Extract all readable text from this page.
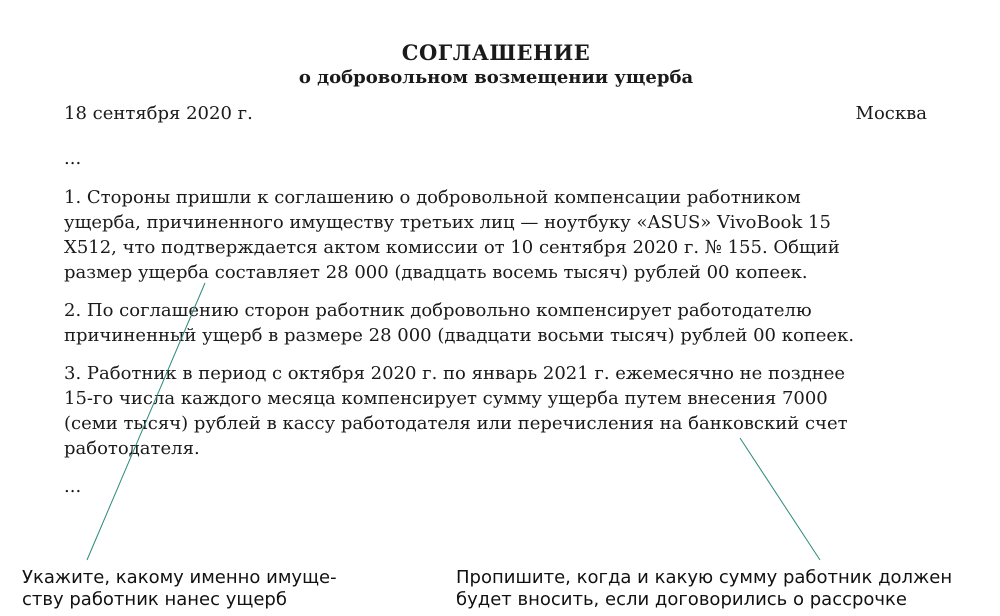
СОГЛАШЕНИЕ
о добровольном возмещении ущерба
18 сентября 2020 г.	Москва
...

1. Стороны пришли к соглашению о добровольной компенсации работником
ущерба, причиненного имуществу третьих лиц — ноутбуку «ASUS» VivoBook 15
X512, что подтверждается актом комиссии от 10 сентября 2020 г. № 155. Общий
размер ущерба составляет 28 000 (двадцать восемь тысяч) рублей 00 копеек.

2. По соглашению сторон работник добровольно компенсирует работодателю
причиненный ущерб в размере 28 000 (двадцати восьми тысяч) рублей 00 копеек.

3. Работник в период с октября 2020 г. по январь 2021 г. ежемесячно не позднее
15-го числа каждого месяца компенсирует сумму ущерба путем внесения 7000
(семи тысяч) рублей в кассу работодателя или перечисления на банковский счет
работодателя.

...
Укажите, какому именно имуще-
ству работник нанес ущерб
Пропишите, когда и какую сумму работник должен
будет вносить, если договорились о рассрочке
